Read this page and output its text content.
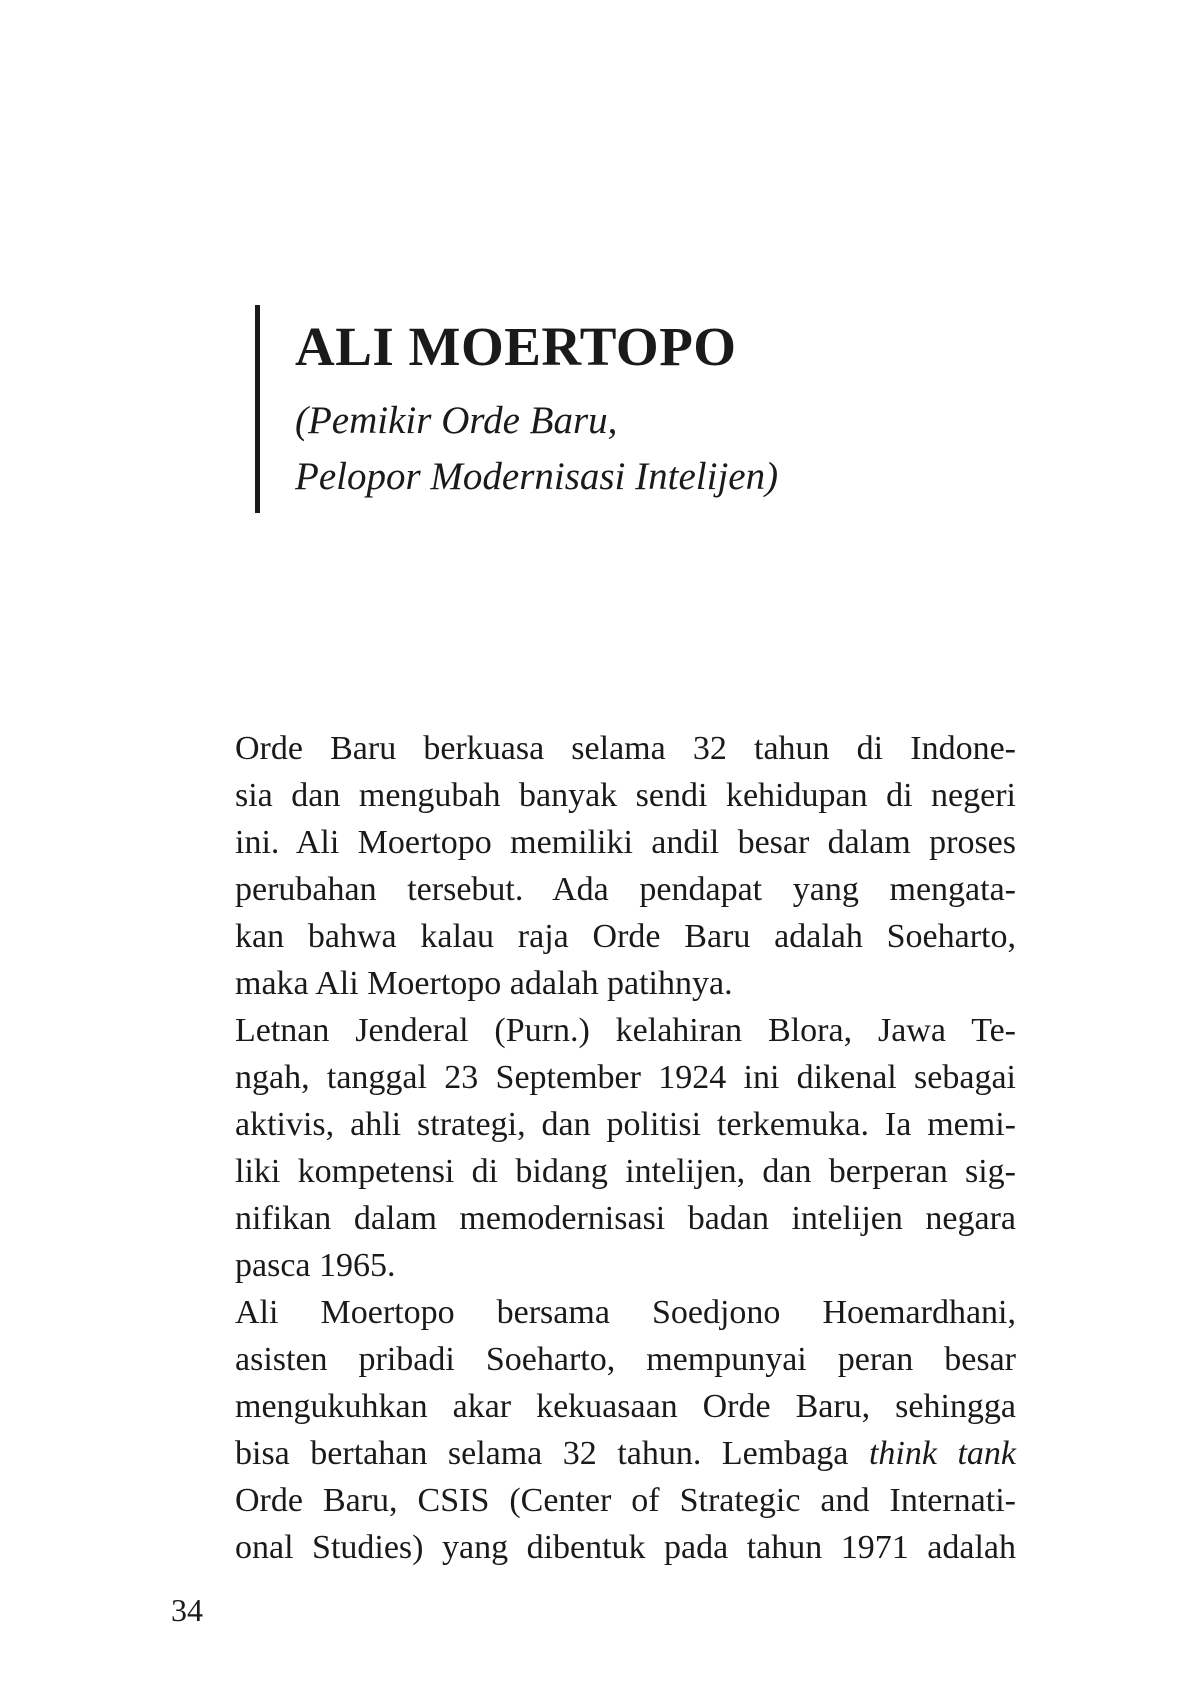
ALI MOERTOPO
(Pemikir Orde Baru,
Pelopor Modernisasi Intelijen)

Orde Baru berkuasa selama 32 tahun di Indone-
sia dan mengubah banyak sendi kehidupan di negeri
ini. Ali Moertopo memiliki andil besar dalam proses
perubahan tersebut. Ada pendapat yang mengata-
kan bahwa kalau raja Orde Baru adalah Soeharto,
maka Ali Moertopo adalah patihnya.

Letnan Jenderal (Purn.) kelahiran Blora, Jawa Te-
ngah, tanggal 23 September 1924 ini dikenal sebagai
aktivis, ahli strategi, dan politisi terkemuka. Ia memi-
liki kompetensi di bidang intelijen, dan berperan sig-
nifikan dalam memodernisasi badan intelijen negara
pasca 1965.

Ali Moertopo bersama Soedjono Hoemardhani,
asisten pribadi Soeharto, mempunyai peran besar
mengukuhkan akar kekuasaan Orde Baru, sehingga
bisa bertahan selama 32 tahun. Lembaga think tank
Orde Baru, CSIS (Center of Strategic and Internati-
onal Studies) yang dibentuk pada tahun 1971 adalah

34
